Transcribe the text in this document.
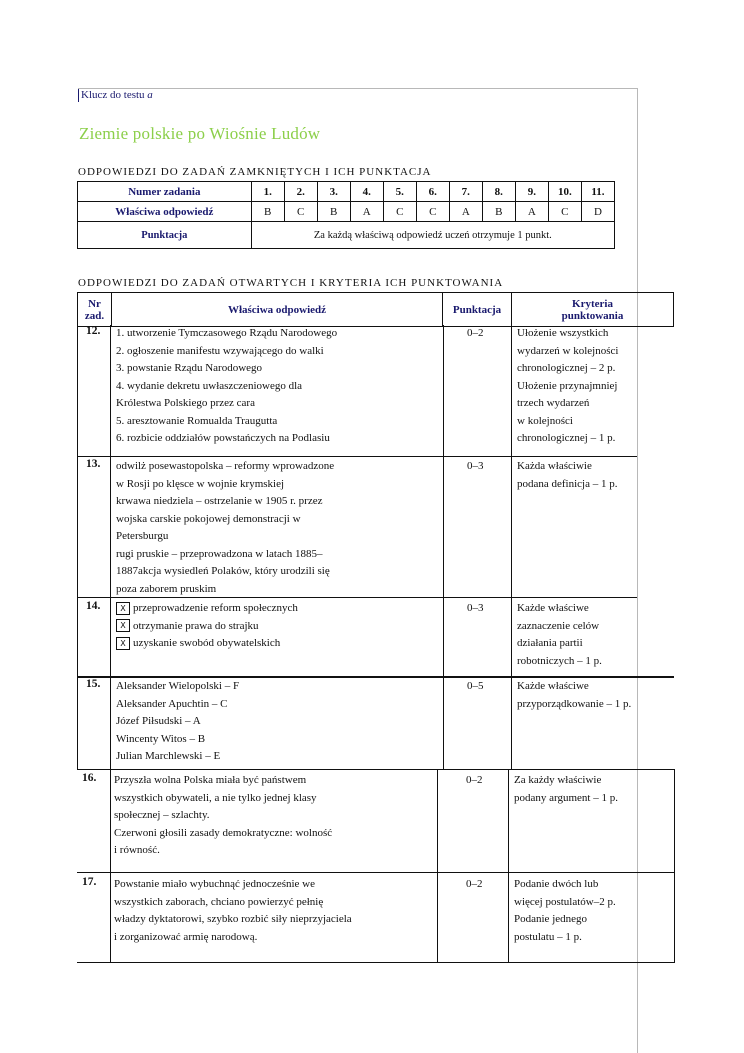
Klucz do testu a
Ziemie polskie po Wiośnie Ludów
ODPOWIEDZI DO ZADAŃ ZAMKNIĘTYCH I ICH PUNKTACJA
Numer zadania	1.	2.	3.	4.	5.	6.	7.	8.	9.	10.	11.
Właściwa odpowiedź	B	C	B	A	C	C	A	B	A	C	D
Punktacja	Za każdą właściwą odpowiedź uczeń otrzymuje 1 punkt.										
ODPOWIEDZI DO ZADAŃ OTWARTYCH I KRYTERIA ICH PUNKTOWANIA
Nr
zad.	Właściwa odpowiedź	Punktacja	Kryteria
punktowania
12. 1. utworzenie Tymczasowego Rządu Narodowego
2. ogłoszenie manifestu wzywającego do walki
3. powstanie Rządu Narodowego
4. wydanie dekretu uwłaszczeniowego dla
Królestwa Polskiego przez cara
5. aresztowanie Romualda Traugutta
6. rozbicie oddziałów powstańczych na Podlasiu
0–2	Ułożenie wszystkich
wydarzeń w kolejności
chronologicznej – 2 p.
Ułożenie przynajmniej
trzech wydarzeń
w kolejności
chronologicznej – 1 p.
13. odwilż posewastopolska – reformy wprowadzone
w Rosji po klęsce w wojnie krymskiej
krwawa niedziela – ostrzelanie w 1905 r. przez
wojska carskie pokojowej demonstracji w
Petersburgu
rugi pruskie – przeprowadzona w latach 1885–
1887akcja wysiedleń Polaków, który urodzili się
poza zaborem pruskim
0–3	Każda właściwie
podana definicja – 1 p.
14.	X przeprowadzenie reform społecznych
X otrzymanie prawa do strajku
X uzyskanie swobód obywatelskich
0–3	Każde właściwe
zaznaczenie celów
działania partii
robotniczych – 1 p.
15. Aleksander Wielopolski – F
Aleksander Apuchtin – C
Józef Piłsudski – A
Wincenty Witos – B
Julian Marchlewski – E
0–5	Każde właściwe
przyporządkowanie – 1 p.
16. Przyszła wolna Polska miała być państwem
wszystkich obywateli, a nie tylko jednej klasy
społecznej – szlachty.
Czerwoni głosili zasady demokratyczne: wolność
i równość.
0–2	Za każdy właściwie
podany argument – 1 p.
17. Powstanie miało wybuchnąć jednocześnie we
wszystkich zaborach, chciano powierzyć pełnię
władzy dyktatorowi, szybko rozbić siły nieprzyjaciela
i zorganizować armię narodową.
0–2	Podanie dwóch lub
więcej postulatów–2 p.
Podanie jednego
postulatu – 1 p.
